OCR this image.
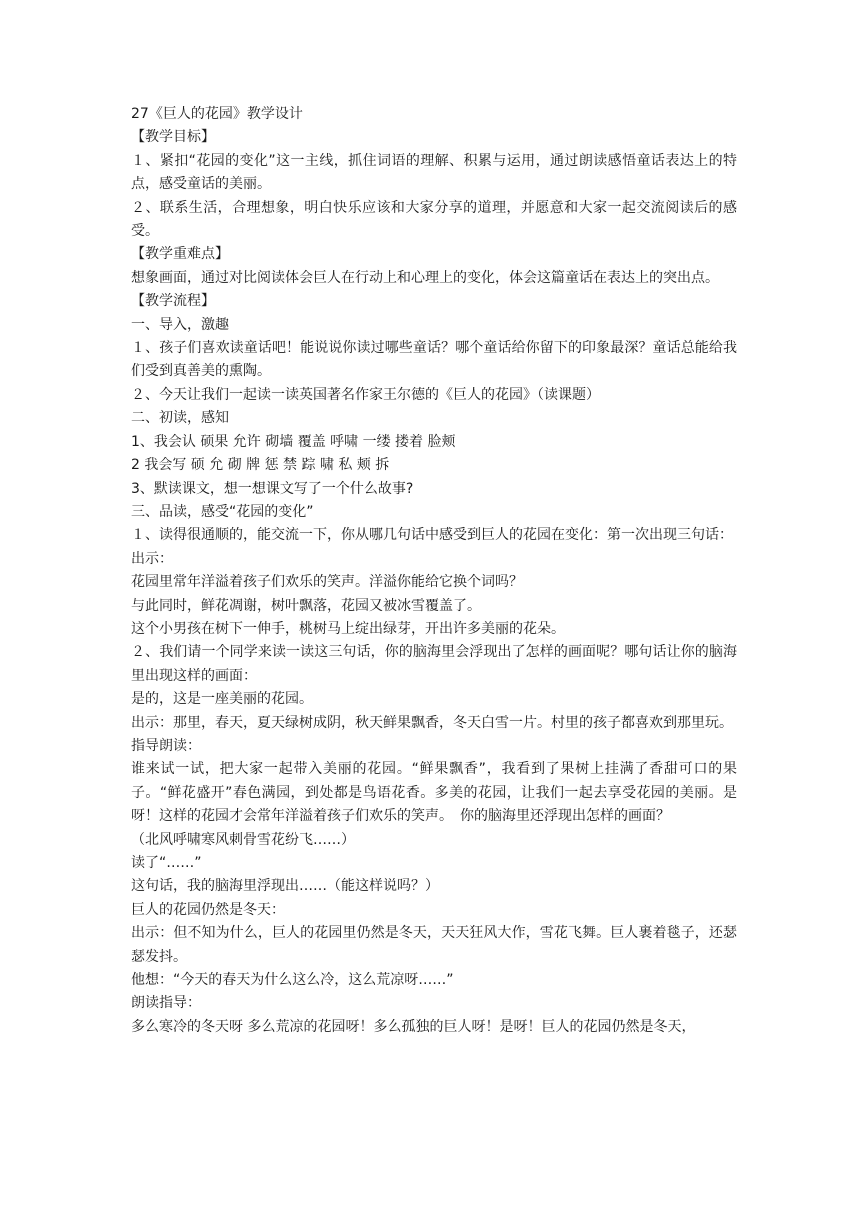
27《巨人的花园》教学设计

【教学目标】

１、紧扣“花园的变化”这一主线，抓住词语的理解、积累与运用，通过朗读感悟童话表达上的特点，感受童话的美丽。

２、联系生活，合理想象，明白快乐应该和大家分享的道理，并愿意和大家一起交流阅读后的感受。

【教学重难点】

想象画面，通过对比阅读体会巨人在行动上和心理上的变化，体会这篇童话在表达上的突出点。

【教学流程】

一、导入，激趣

１、孩子们喜欢读童话吧！能说说你读过哪些童话？哪个童话给你留下的印象最深？童话总能给我们受到真善美的熏陶。

２、今天让我们一起读一读英国著名作家王尔德的《巨人的花园》（读课题）

二、初读，感知

1、我会认 硕果 允许 砌墙 覆盖 呼啸 一缕 搂着 脸颊

2 我会写 硕 允 砌 牌 惩 禁 踪 啸 私 颊 拆

3、默读课文，想一想课文写了一个什么故事?

三、品读，感受“花园的变化”

１、读得很通顺的，能交流一下，你从哪几句话中感受到巨人的花园在变化：第一次出现三句话：

出示：

花园里常年洋溢着孩子们欢乐的笑声。洋溢你能给它换个词吗？

与此同时，鲜花凋谢，树叶飘落，花园又被冰雪覆盖了。

这个小男孩在树下一伸手，桃树马上绽出绿芽，开出许多美丽的花朵。

２、我们请一个同学来读一读这三句话，你的脑海里会浮现出了怎样的画面呢？哪句话让你的脑海里出现这样的画面：

是的，这是一座美丽的花园。

出示：那里，春天，夏天绿树成阴，秋天鲜果飘香，冬天白雪一片。村里的孩子都喜欢到那里玩。

指导朗读：

谁来试一试，把大家一起带入美丽的花园。“鲜果飘香”，我看到了果树上挂满了香甜可口的果子。“鲜花盛开”春色满园，到处都是鸟语花香。多美的花园，让我们一起去享受花园的美丽。是呀！这样的花园才会常年洋溢着孩子们欢乐的笑声。　你的脑海里还浮现出怎样的画面？

（北风呼啸寒风刺骨雪花纷飞……）

读了“……”

这句话，我的脑海里浮现出……（能这样说吗？）

巨人的花园仍然是冬天：

出示：但不知为什么，巨人的花园里仍然是冬天，天天狂风大作，雪花飞舞。巨人裹着毯子，还瑟瑟发抖。

他想：“今天的春天为什么这么冷，这么荒凉呀……”

朗读指导：

多么寒冷的冬天呀 多么荒凉的花园呀！多么孤独的巨人呀！是呀！巨人的花园仍然是冬天，
